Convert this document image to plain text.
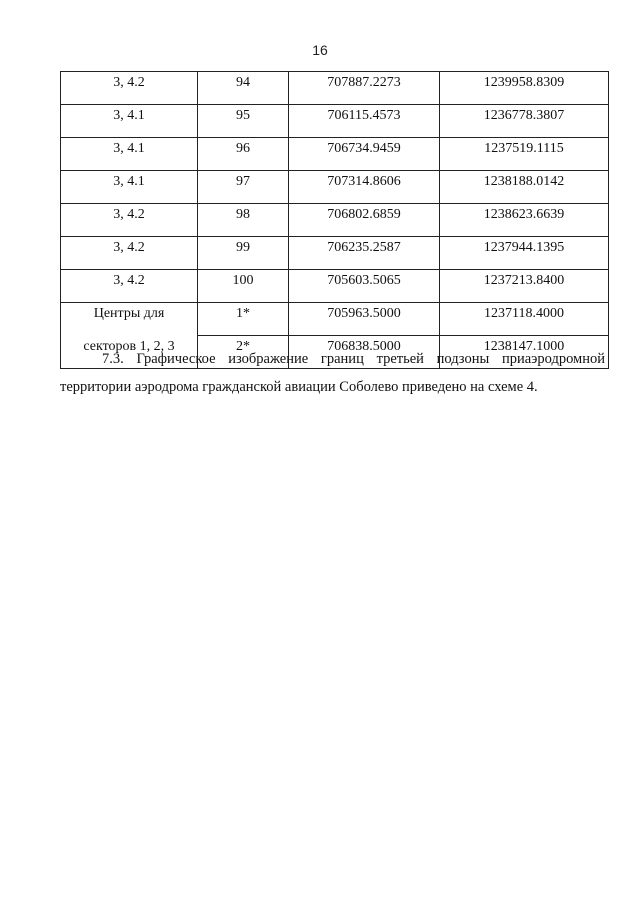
16
3, 4.2	94	707887.2273	1239958.8309
3, 4.1	95	706115.4573	1236778.3807
3, 4.1	96	706734.9459	1237519.1115
3, 4.1	97	707314.8606	1238188.0142
3, 4.2	98	706802.6859	1238623.6639
3, 4.2	99	706235.2587	1237944.1395
3, 4.2	100	705603.5065	1237213.8400
Центры для	1*	705963.5000	1237118.4000
секторов 1, 2, 3	2*	706838.5000	1238147.1000

7.3. Графическое изображение границ третьей подзоны приаэродромной территории аэродрома гражданской авиации Соболево приведено на схеме 4.
